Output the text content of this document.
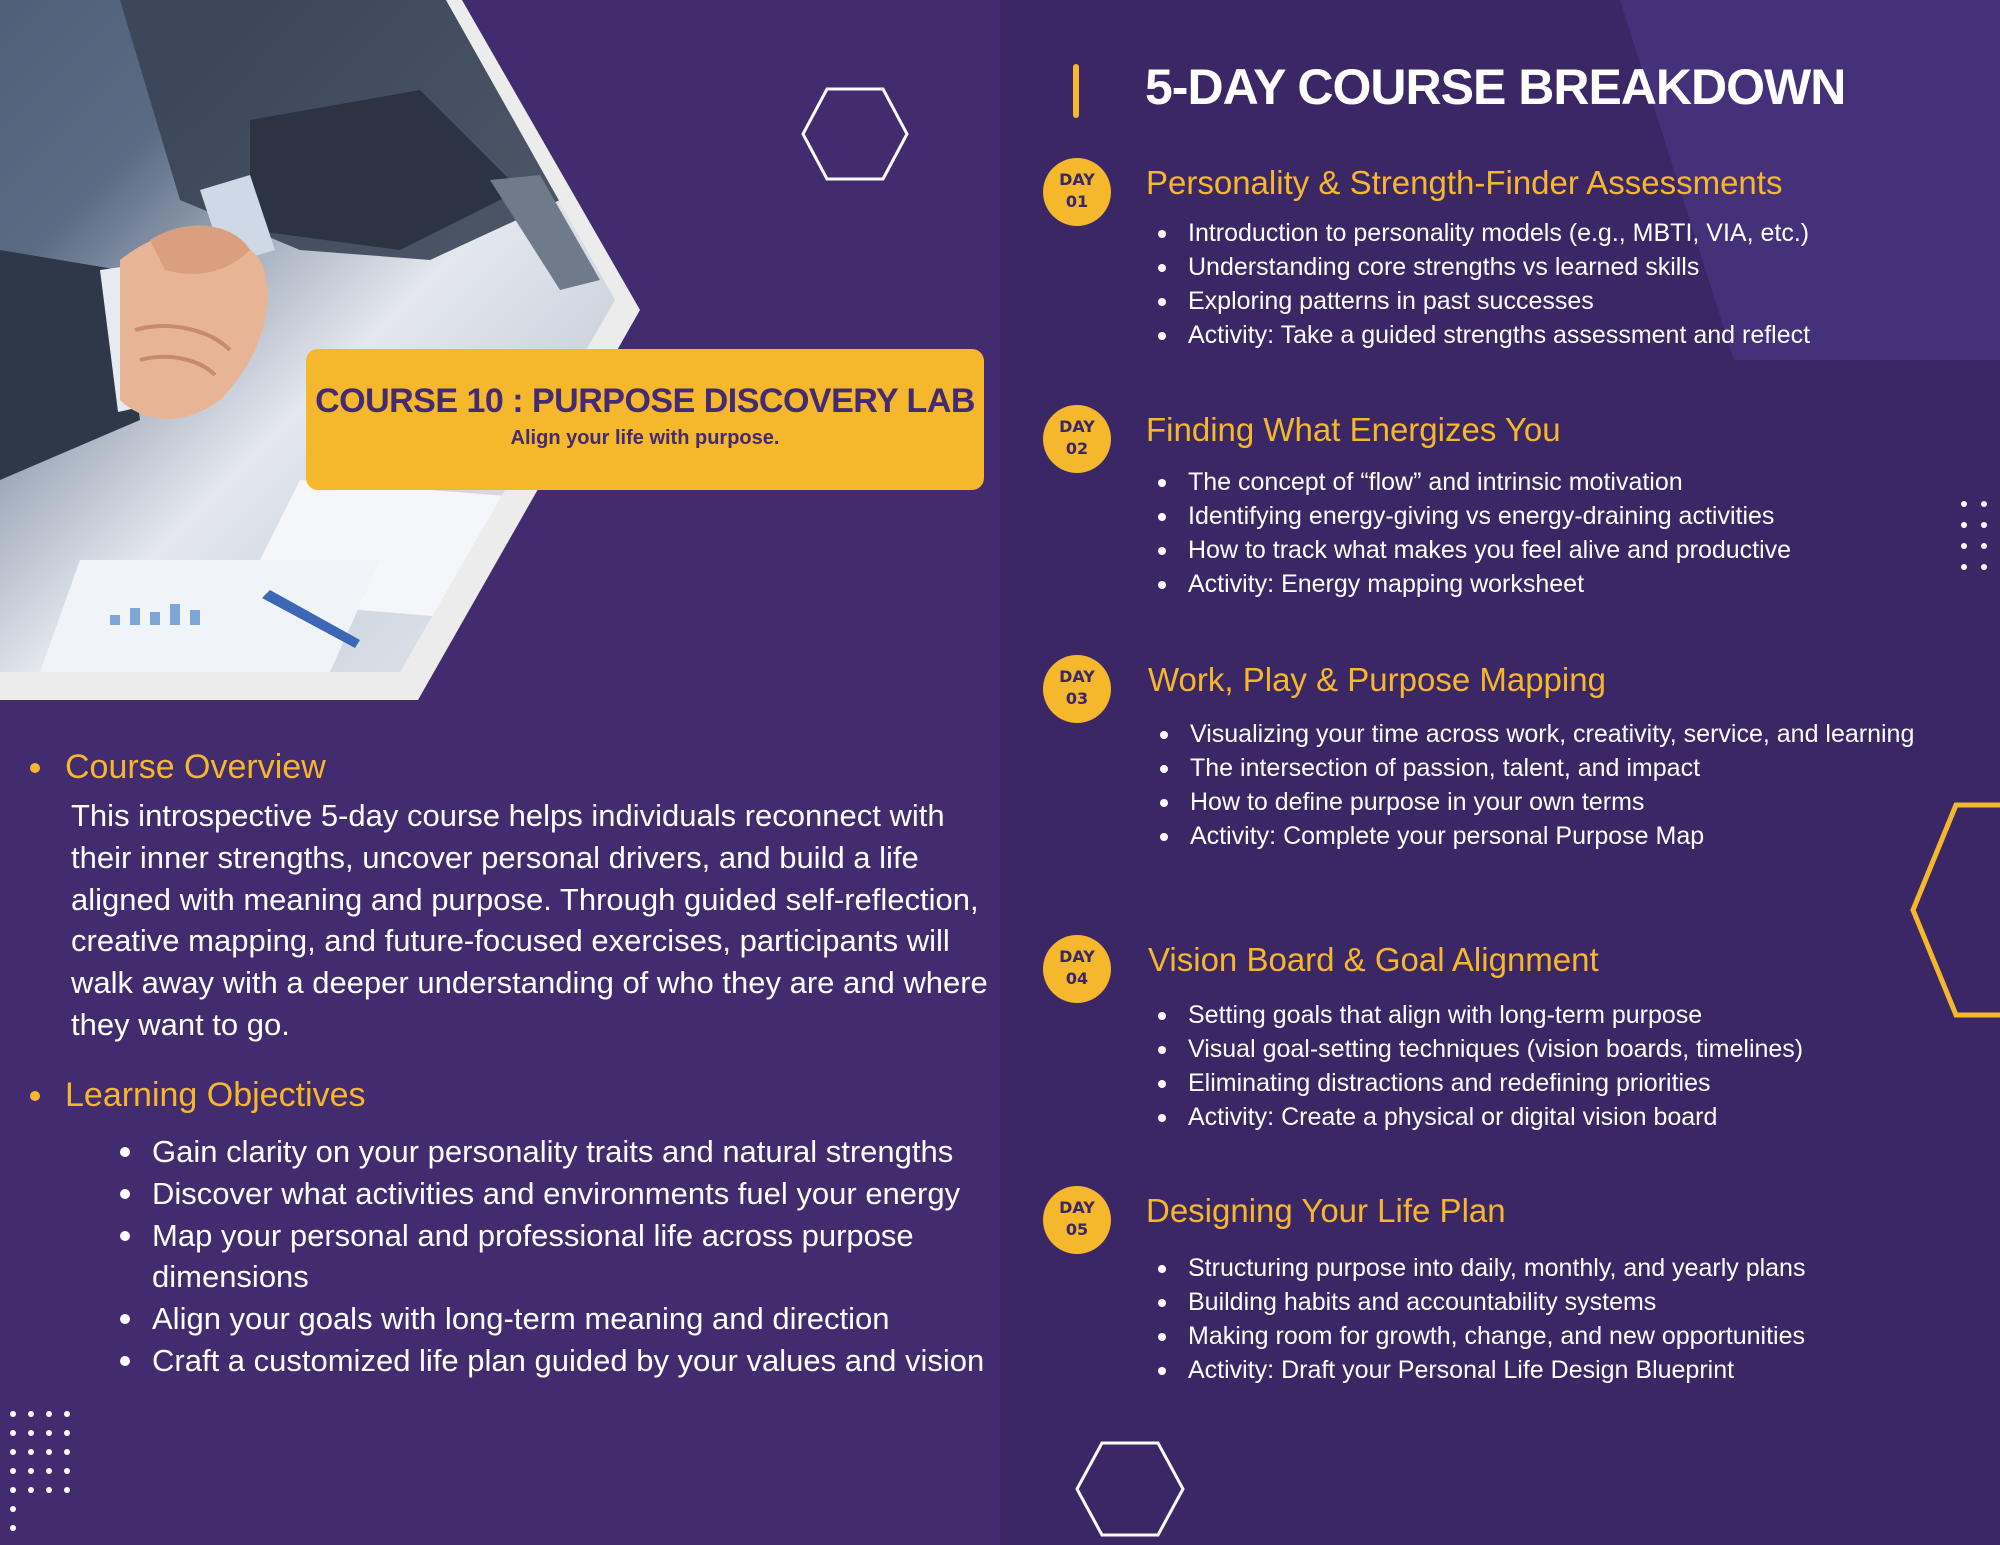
Course Overview

This introspective 5-day course helps individuals reconnect with their inner strengths, uncover personal drivers, and build a life aligned with meaning and purpose. Through guided self-reflection, creative mapping, and future-focused exercises, participants will walk away with a deeper understanding of who they are and where they want to go.

Learning Objectives
Gain clarity on your personality traits and natural strengths
Discover what activities and environments fuel your energy
Map your personal and professional life across purpose dimensions
Align your goals with long-term meaning and direction
Craft a customized life plan guided by your values and vision
COURSE 10 : PURPOSE DISCOVERY LAB
Align your life with purpose.
5-DAY COURSE BREAKDOWN
DAY
01
Personality & Strength-Finder Assessments
Introduction to personality models (e.g., MBTI, VIA, etc.)
Understanding core strengths vs learned skills
Exploring patterns in past successes
Activity: Take a guided strengths assessment and reflect
DAY
02
Finding What Energizes You
The concept of “flow” and intrinsic motivation
Identifying energy-giving vs energy-draining activities
How to track what makes you feel alive and productive
Activity: Energy mapping worksheet
DAY
03
Work, Play & Purpose Mapping
Visualizing your time across work, creativity, service, and learning
The intersection of passion, talent, and impact
How to define purpose in your own terms
Activity: Complete your personal Purpose Map
DAY
04
Vision Board & Goal Alignment
Setting goals that align with long-term purpose
Visual goal-setting techniques (vision boards, timelines)
Eliminating distractions and redefining priorities
Activity: Create a physical or digital vision board
DAY
05
Designing Your Life Plan
Structuring purpose into daily, monthly, and yearly plans
Building habits and accountability systems
Making room for growth, change, and new opportunities
Activity: Draft your Personal Life Design Blueprint
